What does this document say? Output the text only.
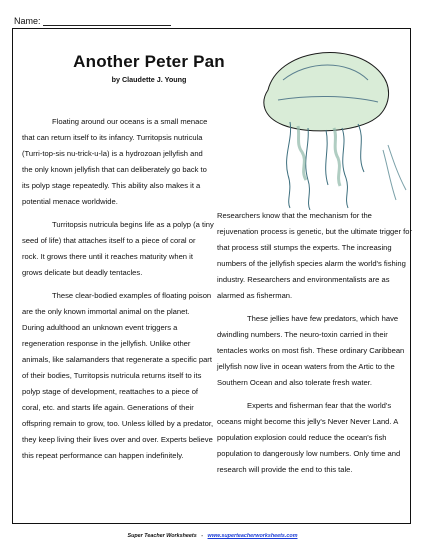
Name:
Another Peter Pan
by Claudette J. Young

Floating around our oceans is a small menace that can return itself to its infancy. Turritopsis nutricula (Turri-top-sis nu-trick-u-la) is a hydrozoan jellyfish and the only known jellyfish that can deliberately go back to its polyp stage repeatedly. This ability also makes it a potential menace worldwide.

Turritopsis nutricula begins life as a polyp (a tiny seed of life) that attaches itself to a piece of coral or rock. It grows there until it reaches maturity when it grows delicate but deadly tentacles.

These clear-bodied examples of floating poison are the only known immortal animal on the planet. During adulthood an unknown event triggers a regeneration response in the jellyfish. Unlike other animals, like salamanders that regenerate a specific part of their bodies, Turritopsis nutricula returns itself to its polyp stage of development, reattaches to a piece of coral, etc. and starts life again. Generations of their offspring remain to grow, too. Unless killed by a predator, they keep living their lives over and over. Experts believe this repeat performance can happen indefinitely.

Researchers know that the mechanism for the rejuvenation process is genetic, but the ultimate trigger for that process still stumps the experts. The increasing numbers of the jellyfish species alarm the world's fishing industry. Researchers and environmentalists are as alarmed as fisherman.

These jellies have few predators, which have dwindling numbers. The neuro-toxin carried in their tentacles works on most fish. These ordinary Caribbean jellyfish now live in ocean waters from the Artic to the Southern Ocean and also tolerate fresh water.

Experts and fisherman fear that the world's oceans might become this jelly's Never Never Land. A population explosion could reduce the ocean's fish population to dangerously low numbers. Only time and research will provide the end to this tale.

Super Teacher Worksheets - www.superteacherworksheets.com
